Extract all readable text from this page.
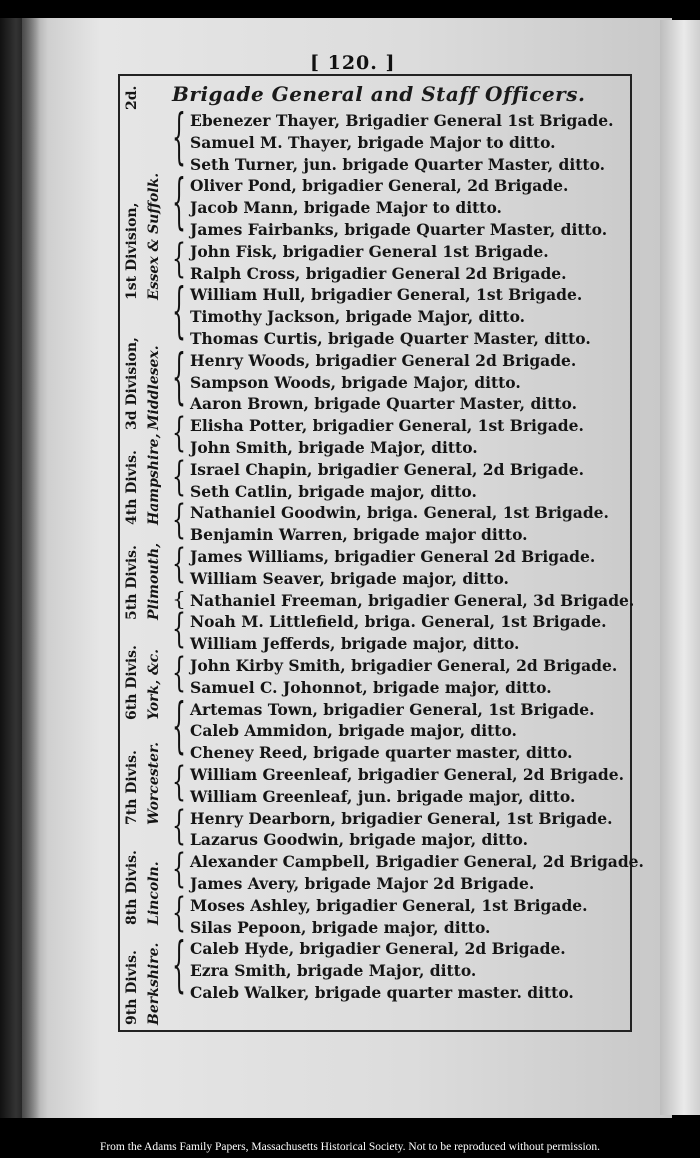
[ 120. ]
Brigade General and Staff Officers.
Ebenezer Thayer, Brigadier General 1st Brigade.
Samuel M. Thayer, brigade Major to ditto.
Seth Turner, jun. brigade Quarter Master, ditto.
Oliver Pond, brigadier General, 2d Brigade.
Jacob Mann, brigade Major to ditto.
James Fairbanks, brigade Quarter Master, ditto.
John Fisk, brigadier General 1st Brigade.
Ralph Cross, brigadier General 2d Brigade.
William Hull, brigadier General, 1st Brigade.
Timothy Jackson, brigade Major, ditto.
Thomas Curtis, brigade Quarter Master, ditto.
Henry Woods, brigadier General 2d Brigade.
Sampson Woods, brigade Major, ditto.
Aaron Brown, brigade Quarter Master, ditto.
Elisha Potter, brigadier General, 1st Brigade.
John Smith, brigade Major, ditto.
Israel Chapin, brigadier General, 2d Brigade.
Seth Catlin, brigade major, ditto.
Nathaniel Goodwin, briga. General, 1st Brigade.
Benjamin Warren, brigade major ditto.
James Williams, brigadier General 2d Brigade.
William Seaver, brigade major, ditto.
Nathaniel Freeman, brigadier General, 3d Brigade.
Noah M. Littlefield, briga. General, 1st Brigade.
William Jefferds, brigade major, ditto.
John Kirby Smith, brigadier General, 2d Brigade.
Samuel C. Johonnot, brigade major, ditto.
Artemas Town, brigadier General, 1st Brigade.
Caleb Ammidon, brigade major, ditto.
Cheney Reed, brigade quarter master, ditto.
William Greenleaf, brigadier General, 2d Brigade.
William Greenleaf, jun. brigade major, ditto.
Henry Dearborn, brigadier General, 1st Brigade.
Lazarus Goodwin, brigade major, ditto.
Alexander Campbell, Brigadier General, 2d Brigade.
James Avery, brigade Major 2d Brigade.
Moses Ashley, brigadier General, 1st Brigade.
Silas Pepoon, brigade major, ditto.
Caleb Hyde, brigadier General, 2d Brigade.
Ezra Smith, brigade Major, ditto.
Caleb Walker, brigade quarter master. ditto.
From the Adams Family Papers, Massachusetts Historical Society. Not to be reproduced without permission.
{
{
{
{
{
{
{
{
{
{
{
{
{
{
{
{
{
{
1st Division, Essex & Suffolk.
2d.
3d Division, Middlesex.
4th Divis. Hampshire,
5th Divis. Plimouth,
6th Divis. York, &c.
7th Divis. Worcester.
8th Divis. Lincoln.
9th Divis. Berkshire.
